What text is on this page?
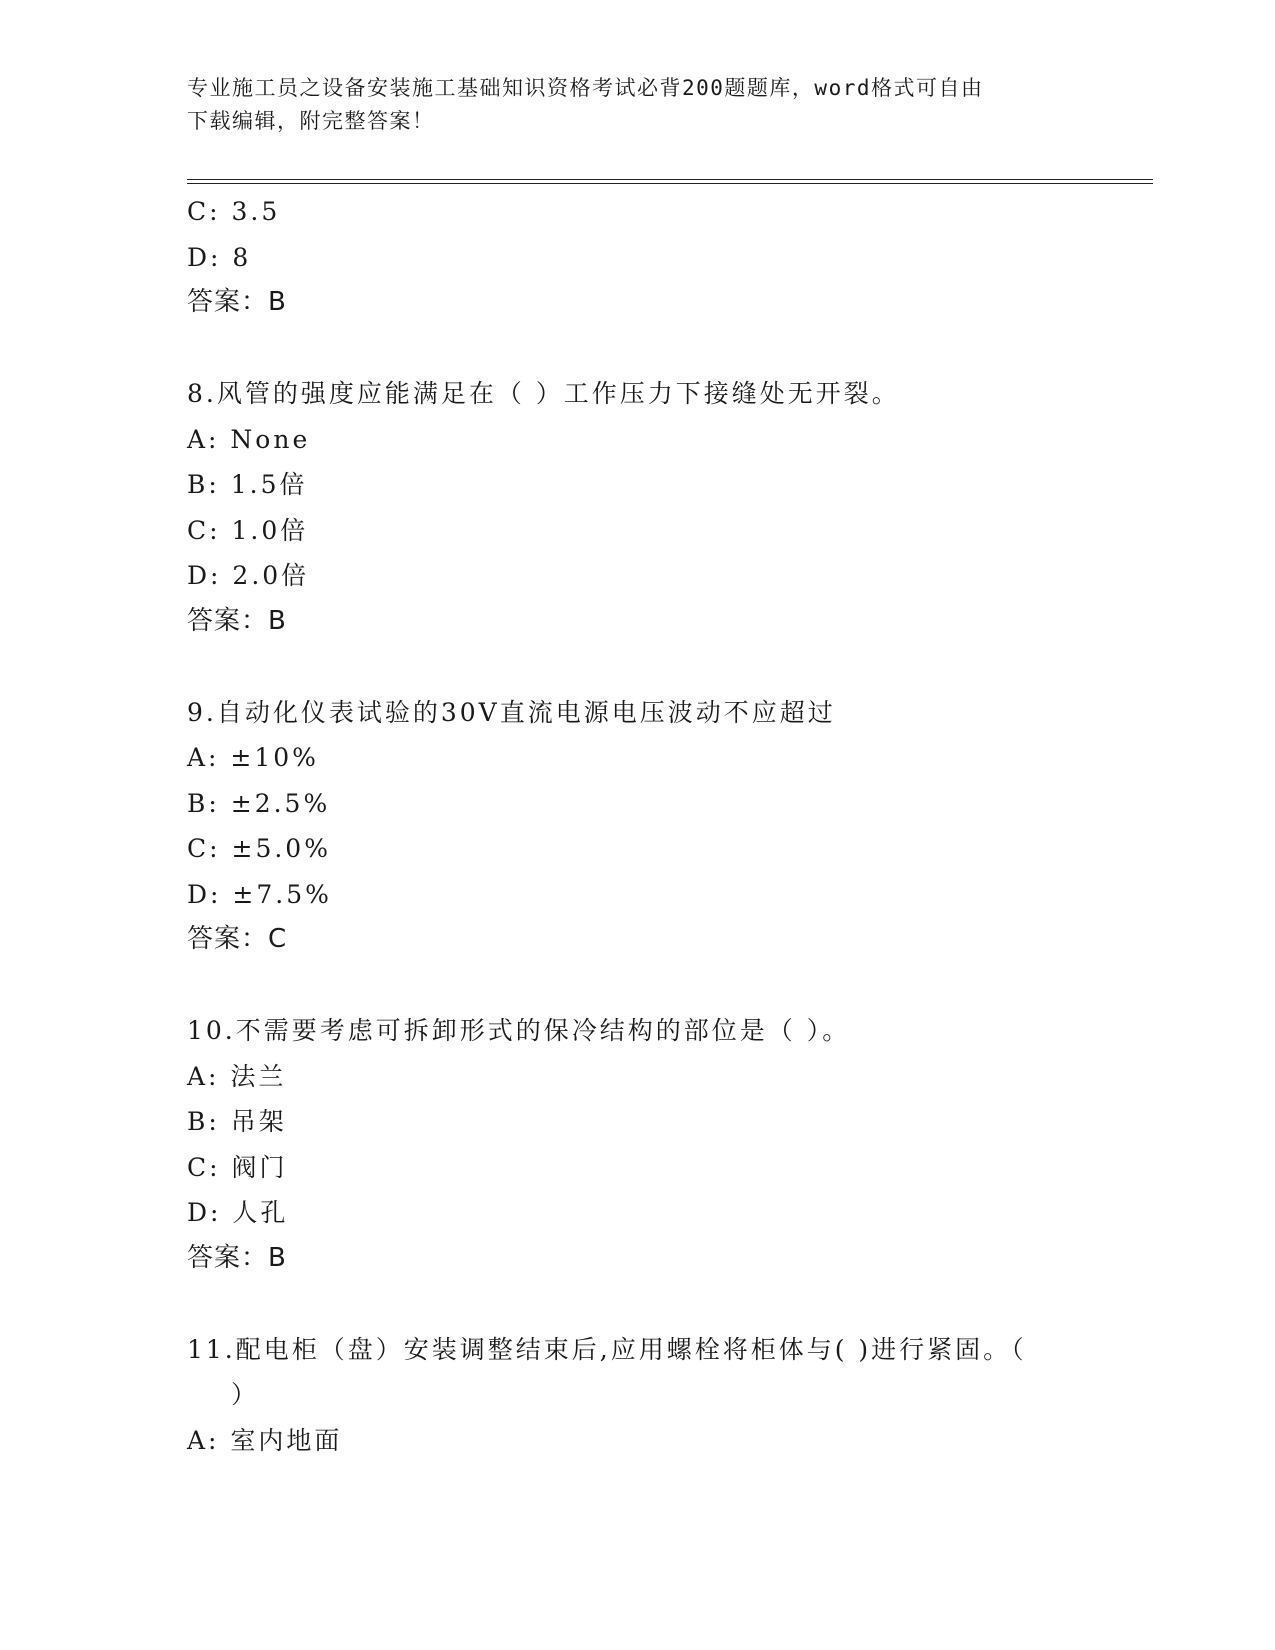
专业施工员之设备安装施工基础知识资格考试必背200题题库，word格式可自由
下载编辑，附完整答案！
C: 3.5
D: 8
答案：B
8.风管的强度应能满足在（ ）工作压力下接缝处无开裂。
A: None
B: 1.5倍
C: 1.0倍
D: 2.0倍
答案：B
9.自动化仪表试验的30V直流电源电压波动不应超过
A: ±10%
B: ±2.5%
C: ±5.0%
D: ±7.5%
答案：C
10.不需要考虑可拆卸形式的保冷结构的部位是（ ）。
A: 法兰
B: 吊架
C: 阀门
D: 人孔
答案：B
11.配电柜（盘）安装调整结束后,应用螺栓将柜体与( )进行紧固。（
）
A: 室内地面
